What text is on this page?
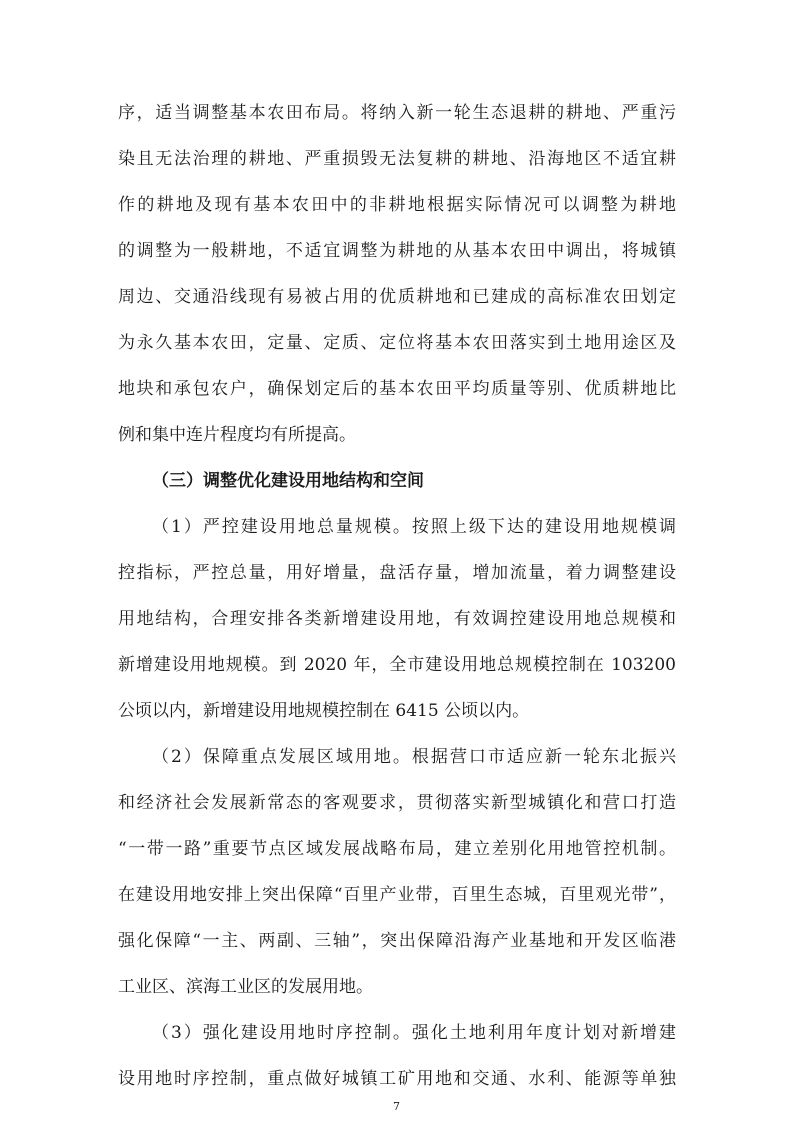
序，适当调整基本农田布局。将纳入新一轮生态退耕的耕地、严重污
染且无法治理的耕地、严重损毁无法复耕的耕地、沿海地区不适宜耕
作的耕地及现有基本农田中的非耕地根据实际情况可以调整为耕地
的调整为一般耕地，不适宜调整为耕地的从基本农田中调出，将城镇
周边、交通沿线现有易被占用的优质耕地和已建成的高标准农田划定
为永久基本农田，定量、定质、定位将基本农田落实到土地用途区及
地块和承包农户，确保划定后的基本农田平均质量等别、优质耕地比
例和集中连片程度均有所提高。
（三）调整优化建设用地结构和空间
（1）严控建设用地总量规模。按照上级下达的建设用地规模调
控指标，严控总量，用好增量，盘活存量，增加流量，着力调整建设
用地结构，合理安排各类新增建设用地，有效调控建设用地总规模和
新增建设用地规模。到 2020 年，全市建设用地总规模控制在 103200
公顷以内，新增建设用地规模控制在 6415 公顷以内。
（2）保障重点发展区域用地。根据营口市适应新一轮东北振兴
和经济社会发展新常态的客观要求，贯彻落实新型城镇化和营口打造
“一带一路”重要节点区域发展战略布局，建立差别化用地管控机制。
在建设用地安排上突出保障“百里产业带，百里生态城，百里观光带”，
强化保障“一主、两副、三轴”，突出保障沿海产业基地和开发区临港
工业区、滨海工业区的发展用地。
（3）强化建设用地时序控制。强化土地利用年度计划对新增建
设用地时序控制，重点做好城镇工矿用地和交通、水利、能源等单独
7
